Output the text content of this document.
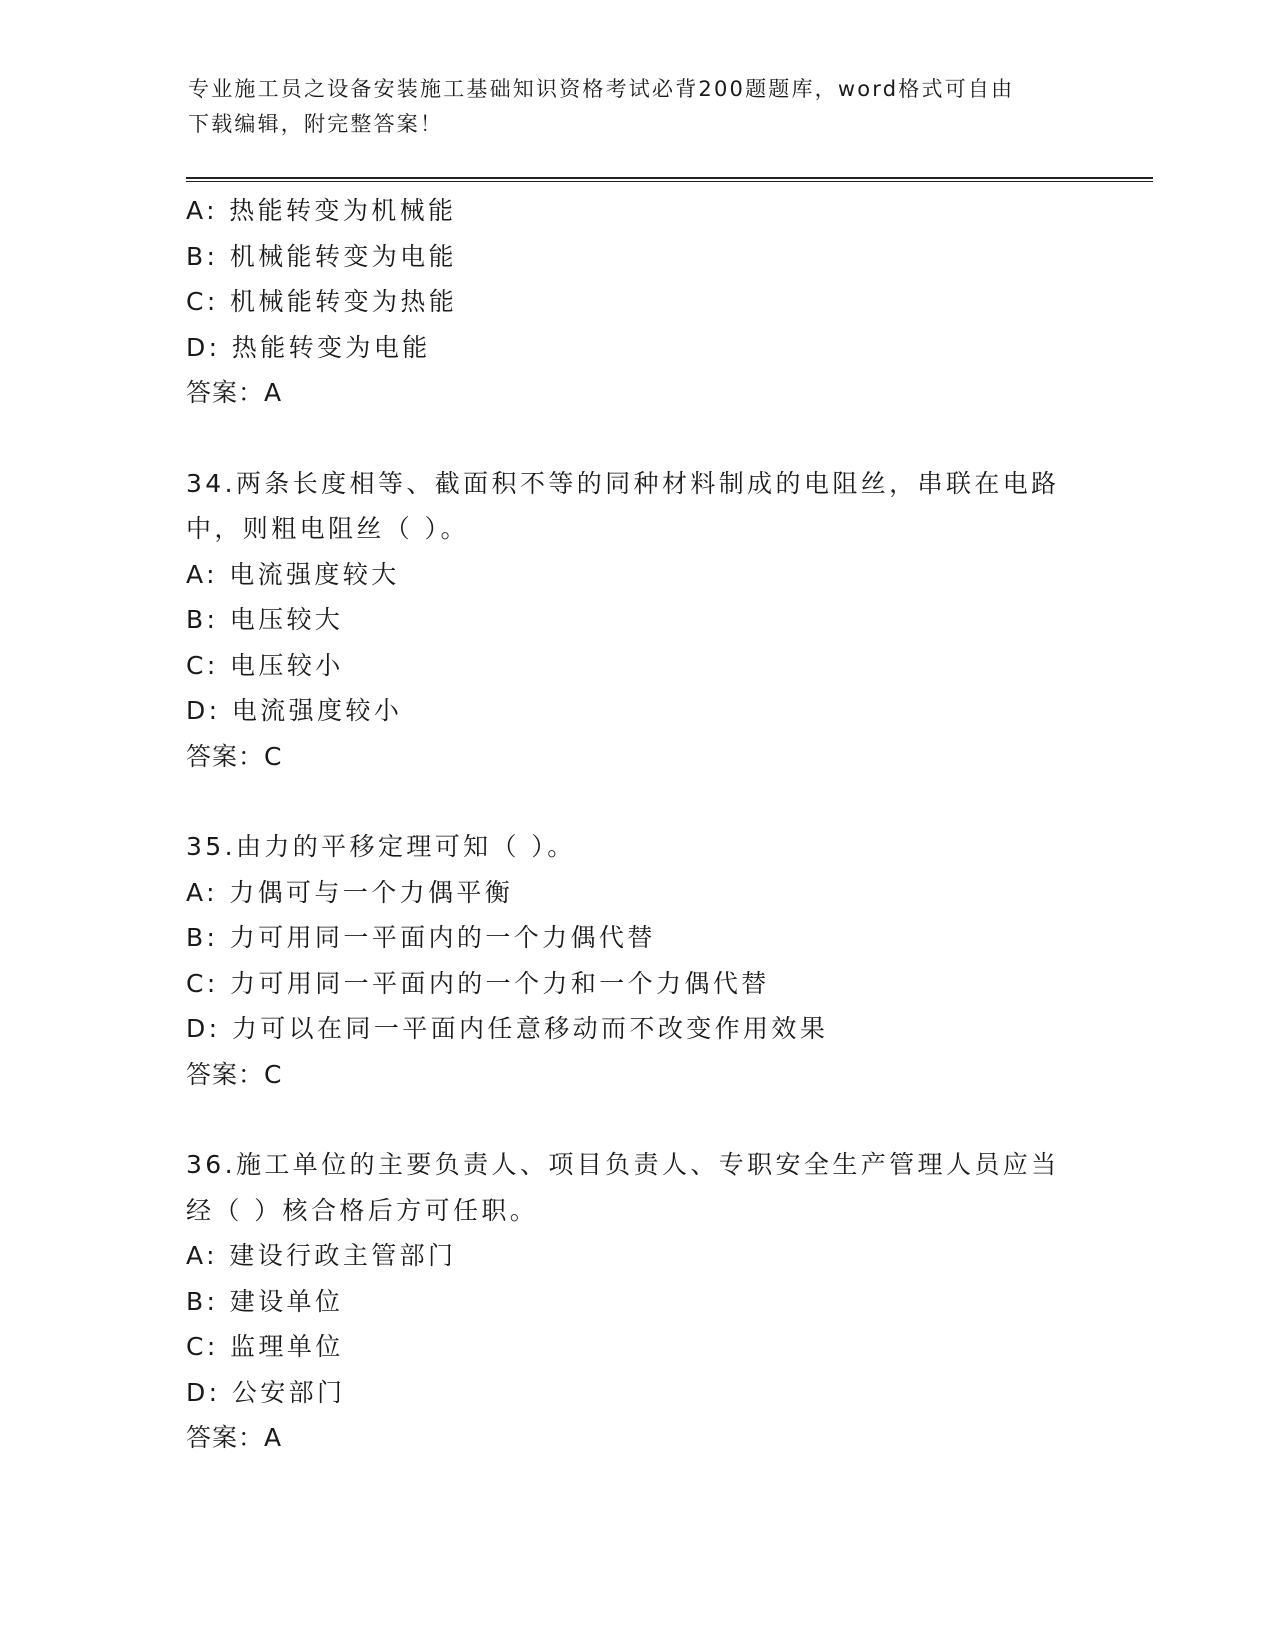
专业施工员之设备安装施工基础知识资格考试必背200题题库，word格式可自由
下载编辑，附完整答案！

A: 热能转变为机械能

B: 机械能转变为电能

C: 机械能转变为热能

D: 热能转变为电能

答案：A

34.两条长度相等、截面积不等的同种材料制成的电阻丝，串联在电路

中，则粗电阻丝（ ）。

A: 电流强度较大

B: 电压较大

C: 电压较小

D: 电流强度较小

答案：C

35.由力的平移定理可知（ ）。

A: 力偶可与一个力偶平衡

B: 力可用同一平面内的一个力偶代替

C: 力可用同一平面内的一个力和一个力偶代替

D: 力可以在同一平面内任意移动而不改变作用效果

答案：C

36.施工单位的主要负责人、项目负责人、专职安全生产管理人员应当

经（ ）核合格后方可任职。

A: 建设行政主管部门

B: 建设单位

C: 监理单位

D: 公安部门

答案：A
